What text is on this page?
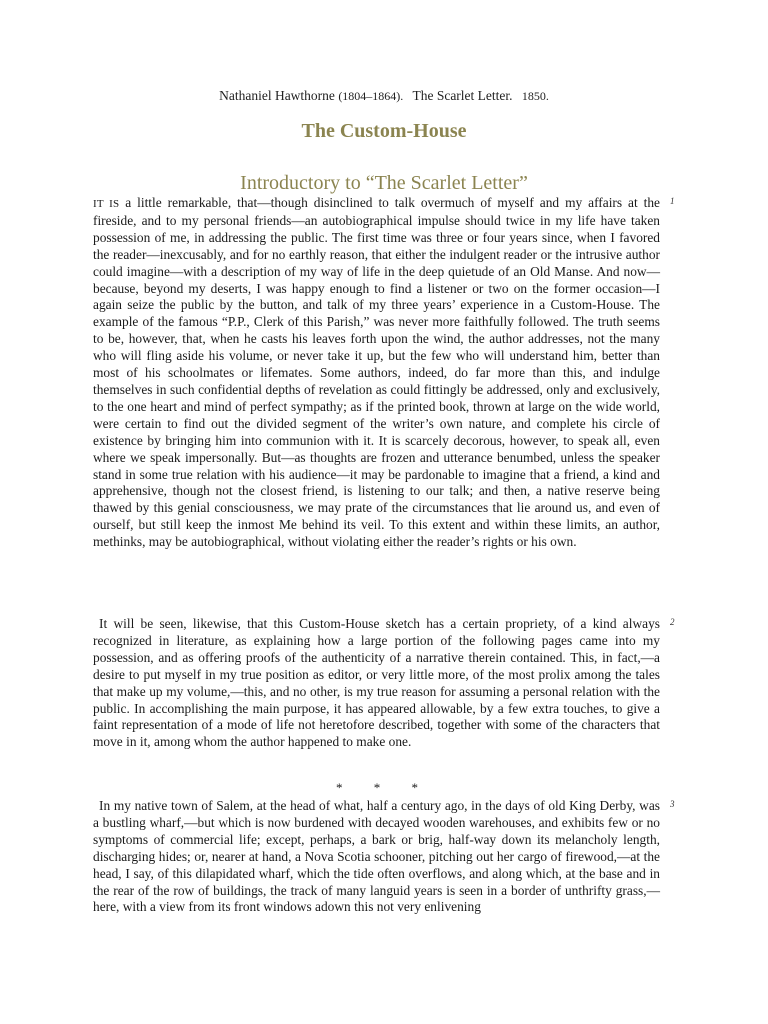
Nathaniel Hawthorne (1804–1864). The Scarlet Letter. 1850.
The Custom-House
Introductory to “The Scarlet Letter”
1

IT IS a little remarkable, that—though disinclined to talk overmuch of myself and my affairs at the fireside, and to my personal friends—an autobiographical impulse should twice in my life have taken possession of me, in addressing the public. The first time was three or four years since, when I favored the reader—inexcusably, and for no earthly reason, that either the indulgent reader or the intrusive author could imagine—with a description of my way of life in the deep quietude of an Old Manse. And now—because, beyond my deserts, I was happy enough to find a listener or two on the former occasion—I again seize the public by the button, and talk of my three years’ experience in a Custom-House. The example of the famous “P.P., Clerk of this Parish,” was never more faithfully followed. The truth seems to be, however, that, when he casts his leaves forth upon the wind, the author addresses, not the many who will fling aside his volume, or never take it up, but the few who will understand him, better than most of his schoolmates or lifemates. Some authors, indeed, do far more than this, and indulge themselves in such confidential depths of revelation as could fittingly be addressed, only and exclusively, to the one heart and mind of perfect sympathy; as if the printed book, thrown at large on the wide world, were certain to find out the divided segment of the writer’s own nature, and complete his circle of existence by bringing him into communion with it. It is scarcely decorous, however, to speak all, even where we speak impersonally. But—as thoughts are frozen and utterance benumbed, unless the speaker stand in some true relation with his audience—it may be pardonable to imagine that a friend, a kind and apprehensive, though not the closest friend, is listening to our talk; and then, a native reserve being thawed by this genial consciousness, we may prate of the circumstances that lie around us, and even of ourself, but still keep the inmost Me behind its veil. To this extent and within these limits, an author, methinks, may be autobiographical, without violating either the reader’s rights or his own.

2

It will be seen, likewise, that this Custom-House sketch has a certain propriety, of a kind always recognized in literature, as explaining how a large portion of the following pages came into my possession, and as offering proofs of the authenticity of a narrative therein contained. This, in fact,—a desire to put myself in my true position as editor, or very little more, of the most prolix among the tales that make up my volume,—this, and no other, is my true reason for assuming a personal relation with the public. In accomplishing the main purpose, it has appeared allowable, by a few extra touches, to give a faint representation of a mode of life not heretofore described, together with some of the characters that move in it, among whom the author happened to make one.

* * *
3

In my native town of Salem, at the head of what, half a century ago, in the days of old King Derby, was a bustling wharf,—but which is now burdened with decayed wooden warehouses, and exhibits few or no symptoms of commercial life; except, perhaps, a bark or brig, half-way down its melancholy length, discharging hides; or, nearer at hand, a Nova Scotia schooner, pitching out her cargo of firewood,—at the head, I say, of this dilapidated wharf, which the tide often overflows, and along which, at the base and in the rear of the row of buildings, the track of many languid years is seen in a border of unthrifty grass,—here, with a view from its front windows adown this not very enlivening
